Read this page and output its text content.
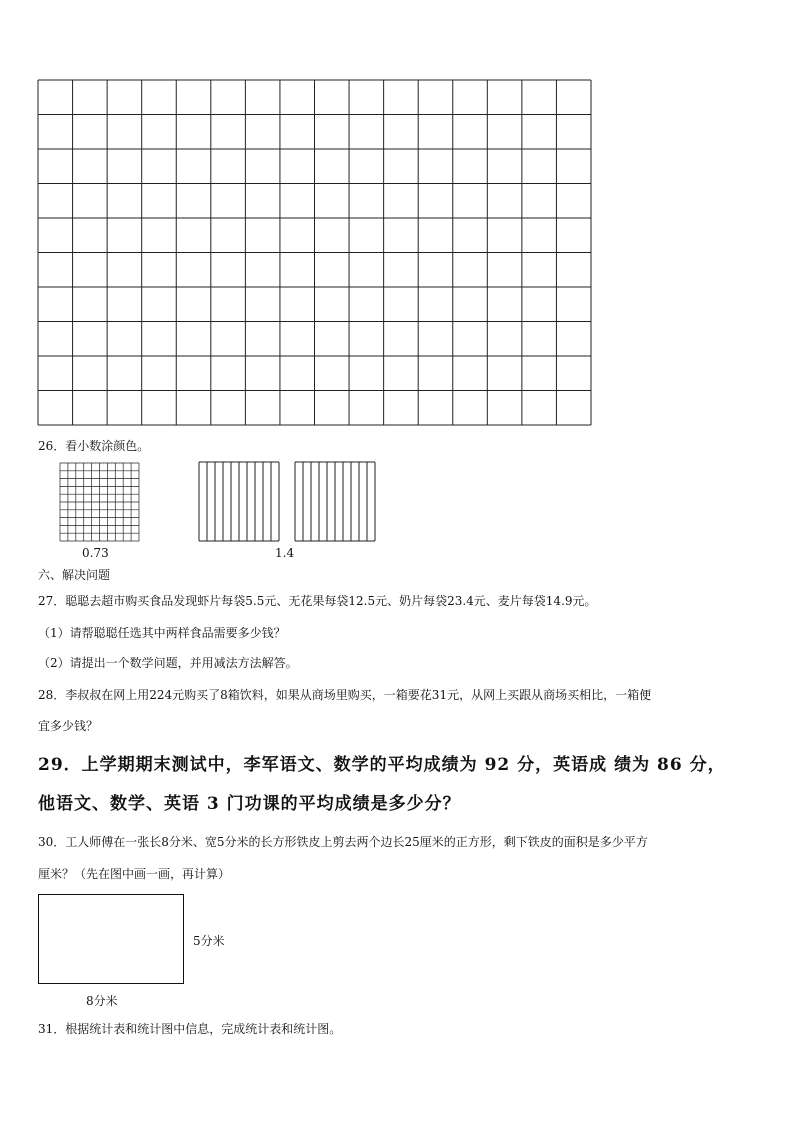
26．看小数涂颜色。
0.73	1.4
六、解决问题
27．聪聪去超市购买食品发现虾片每袋5.5元、无花果每袋12.5元、奶片每袋23.4元、麦片每袋14.9元。
（1）请帮聪聪任选其中两样食品需要多少钱？
（2）请提出一个数学问题，并用减法方法解答。
28．李叔叔在网上用224元购买了8箱饮料，如果从商场里购买，一箱要花31元，从网上买跟从商场买相比，一箱便
宜多少钱？
29．上学期期末测试中，李军语文、数学的平均成绩为 92 分，英语成 绩为 86 分，
他语文、数学、英语 3 门功课的平均成绩是多少分？
30．工人师傅在一张长8分米、宽5分米的长方形铁皮上剪去两个边长25厘米的正方形，剩下铁皮的面积是多少平方
厘米？（先在图中画一画，再计算）
5分米
8分米
31．根据统计表和统计图中信息，完成统计表和统计图。
